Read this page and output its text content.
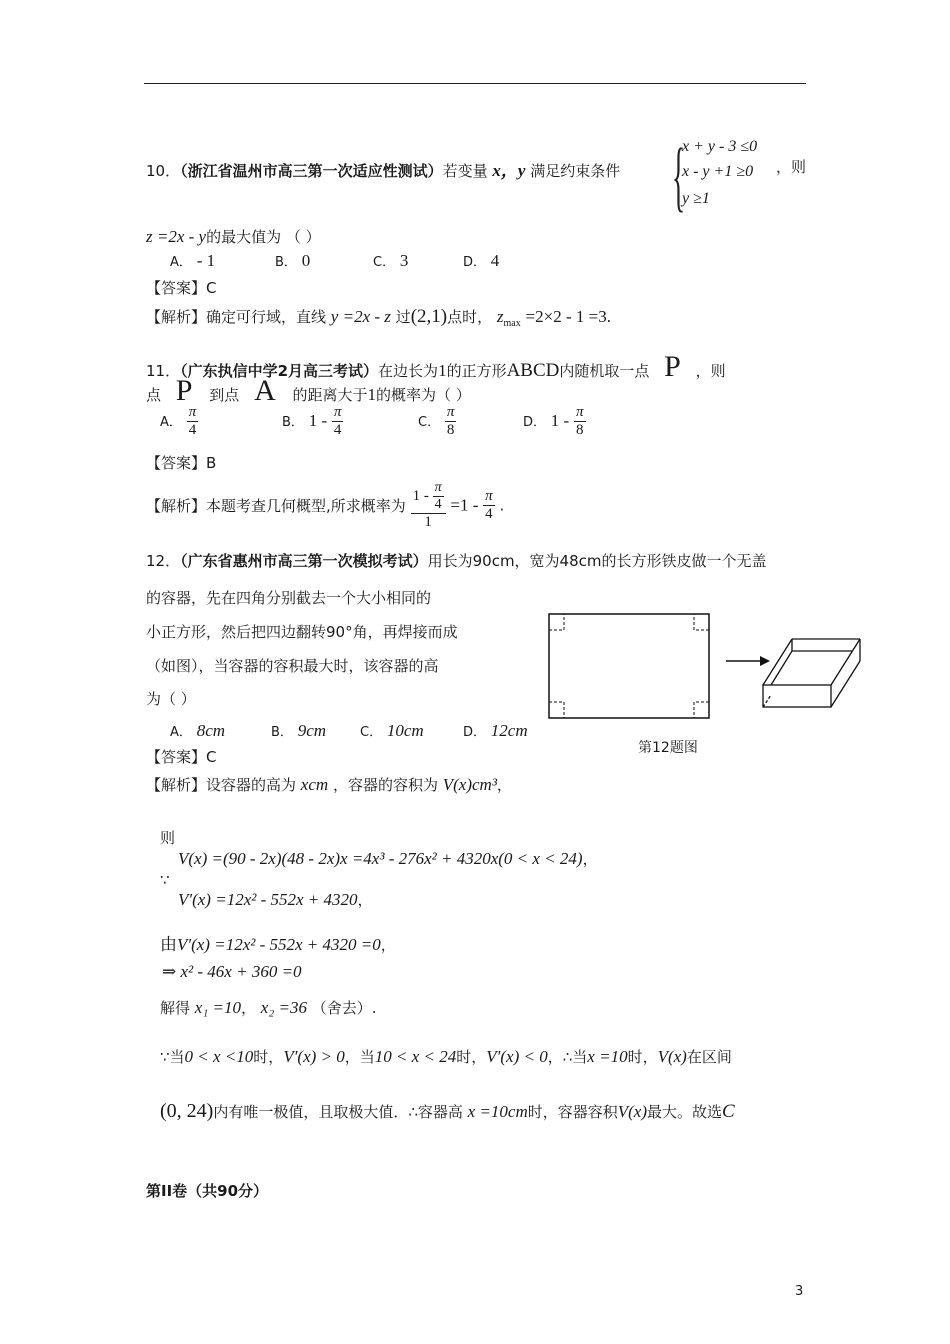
10．（浙江省温州市高三第一次适应性测试）若变量 x，y 满足约束条件 {
x + y - 3 ≤0
x - y +1 ≥0
y ≥1
，则
z =2x - y的最大值为 （ ）
A． - 1	B． 0	C． 3	D． 4
【答案】C
【解析】确定可行域，直线 y =2x - z 过(2,1)点时， $z_{max} =2\times 2 - 1 =3$.
11．（广东执信中学2月高三考试）在边长为1的正方形ABCD内随机取一点 P ，则
点 P 到点 A 的距离大于1的概率为（ ）
A． $\frac{\pi}{4}$	B． $1 - \frac{\pi}{4}$	C． $\frac{\pi}{8}$	D． $1 - \frac{\pi}{8}$
【答案】B
【解析】本题考查几何概型,所求概率为 $\frac{1 - \frac{\pi}{4}}{1} =1 - \frac{\pi}{4}$ .
12．（广东省惠州市高三第一次模拟考试）用长为90cm，宽为48cm的长方形铁皮做一个无盖
的容器，先在四角分别截去一个大小相同的
小正方形，然后把四边翻转90°角，再焊接而成
（如图），当容器的容积最大时，该容器的高
为（ ）
A． 8cm	B． 9cm	C． 10cm	D． 12cm
第12题图
【答案】C
【解析】设容器的高为 xcm ，容器的容积为 V(x)cm³，
则
V(x) =(90 - 2x)(48 - 2x)x =4x³ - 276x² + 4320x(0 < x < 24)，
∵
V′(x) =12x² - 552x + 4320，
由V′(x) =12x² - 552x + 4320 =0，
⇒ x² - 46x + 360 =0
解得 x₁ =10， x₂ =36 （舍去）.
∵当0 < x <10时，V′(x) > 0，当10 < x < 24时，V′(x) < 0，∴当x =10时，V(x)在区间
(0, 24)内有唯一极值，且取极大值．∴容器高 x =10cm时，容器容积V(x)最大。故选C
第II卷（共90分）
3
